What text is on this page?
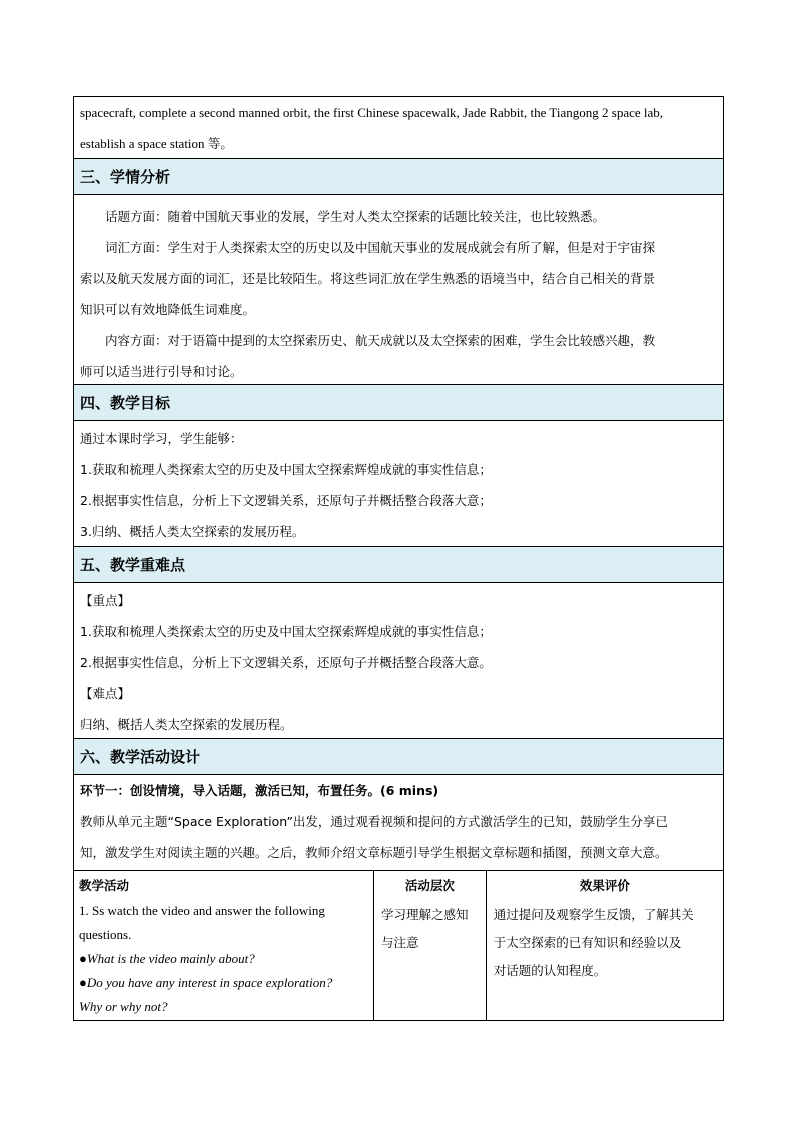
spacecraft, complete a second manned orbit, the first Chinese spacewalk, Jade Rabbit, the Tiangong 2 space lab,

establish a space station 等。

三、学情分析

话题方面：随着中国航天事业的发展，学生对人类太空探索的话题比较关注，也比较熟悉。

词汇方面：学生对于人类探索太空的历史以及中国航天事业的发展成就会有所了解，但是对于宇宙探

索以及航天发展方面的词汇，还是比较陌生。将这些词汇放在学生熟悉的语境当中，结合自己相关的背景

知识可以有效地降低生词难度。

内容方面：对于语篇中提到的太空探索历史、航天成就以及太空探索的困难，学生会比较感兴趣，教

师可以适当进行引导和讨论。

四、教学目标

通过本课时学习，学生能够：

1.获取和梳理人类探索太空的历史及中国太空探索辉煌成就的事实性信息；

2.根据事实性信息，分析上下文逻辑关系，还原句子并概括整合段落大意；

3.归纳、概括人类太空探索的发展历程。

五、教学重难点

【重点】

1.获取和梳理人类探索太空的历史及中国太空探索辉煌成就的事实性信息；

2.根据事实性信息，分析上下文逻辑关系，还原句子并概括整合段落大意。

【难点】

归纳、概括人类太空探索的发展历程。

六、教学活动设计

环节一：创设情境，导入话题，激活已知，布置任务。(6 mins)

教师从单元主题“Space Exploration”出发，通过观看视频和提问的方式激活学生的已知，鼓励学生分享已

知，激发学生对阅读主题的兴趣。之后，教师介绍文章标题引导学生根据文章标题和插图，预测文章大意。

教学活动
1. Ss watch the video and answer the following
questions.
●What is the video mainly about?
●Do you have any interest in space exploration?
Why or why not?
活动层次
学习理解之感知
与注意
效果评价
通过提问及观察学生反馈，了解其关
于太空探索的已有知识和经验以及
对话题的认知程度。
